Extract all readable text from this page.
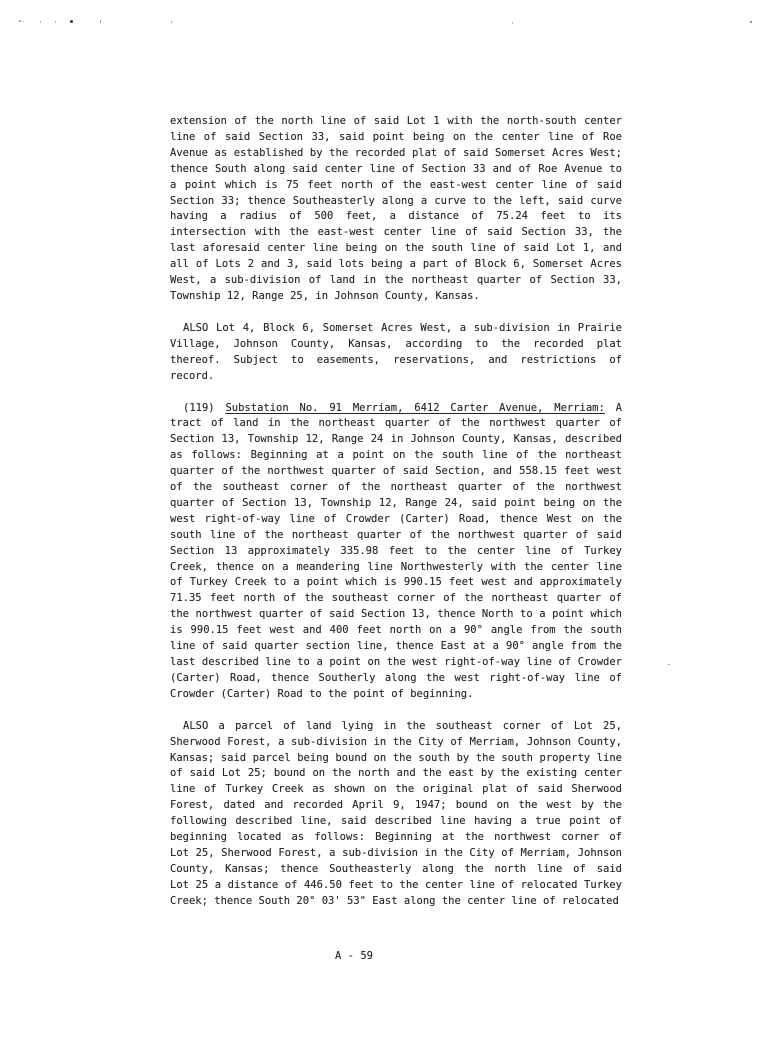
extension of the north line of said Lot 1 with the north-south center
line of said Section 33, said point being on the center line of Roe
Avenue as established by the recorded plat of said Somerset Acres West;
thence South along said center line of Section 33 and of Roe Avenue to
a point which is 75 feet north of the east-west center line of said
Section 33; thence Southeasterly along a curve to the left, said curve
having a radius of 500 feet, a distance of 75.24 feet to its
intersection with the east-west center line of said Section 33, the
last aforesaid center line being on the south line of said Lot 1, and
all of Lots 2 and 3, said lots being a part of Block 6, Somerset Acres
West, a sub-division of land in the northeast quarter of Section 33,
Township 12, Range 25, in Johnson County, Kansas.
ALSO Lot 4, Block 6, Somerset Acres West, a sub-division in Prairie
Village, Johnson County, Kansas, according to the recorded plat
thereof. Subject to easements, reservations, and restrictions of
record.
(119) Substation No. 91 Merriam, 6412 Carter Avenue, Merriam: A
tract of land in the northeast quarter of the northwest quarter of
Section 13, Township 12, Range 24 in Johnson County, Kansas, described
as follows: Beginning at a point on the south line of the northeast
quarter of the northwest quarter of said Section, and 558.15 feet west
of the southeast corner of the northeast quarter of the northwest
quarter of Section 13, Township 12, Range 24, said point being on the
west right-of-way line of Crowder (Carter) Road, thence West on the
south line of the northeast quarter of the northwest quarter of said
Section 13 approximately 335.98 feet to the center line of Turkey
Creek, thence on a meandering line Northwesterly with the center line
of Turkey Creek to a point which is 990.15 feet west and approximately
71.35 feet north of the southeast corner of the northeast quarter of
the northwest quarter of said Section 13, thence North to a point which
is 990.15 feet west and 400 feet north on a 90° angle from the south
line of said quarter section line, thence East at a 90° angle from the
last described line to a point on the west right-of-way line of Crowder
(Carter) Road, thence Southerly along the west right-of-way line of
Crowder (Carter) Road to the point of beginning.
ALSO a parcel of land lying in the southeast corner of Lot 25,
Sherwood Forest, a sub-division in the City of Merriam, Johnson County,
Kansas; said parcel being bound on the south by the south property line
of said Lot 25; bound on the north and the east by the existing center
line of Turkey Creek as shown on the original plat of said Sherwood
Forest, dated and recorded April 9, 1947; bound on the west by the
following described line, said described line having a true point of
beginning located as follows: Beginning at the northwest corner of
Lot 25, Sherwood Forest, a sub-division in the City of Merriam, Johnson
County, Kansas; thence Southeasterly along the north line of said
Lot 25 a distance of 446.50 feet to the center line of relocated Turkey
Creek; thence South 20° 03' 53" East along the center line of relocated
A - 59
